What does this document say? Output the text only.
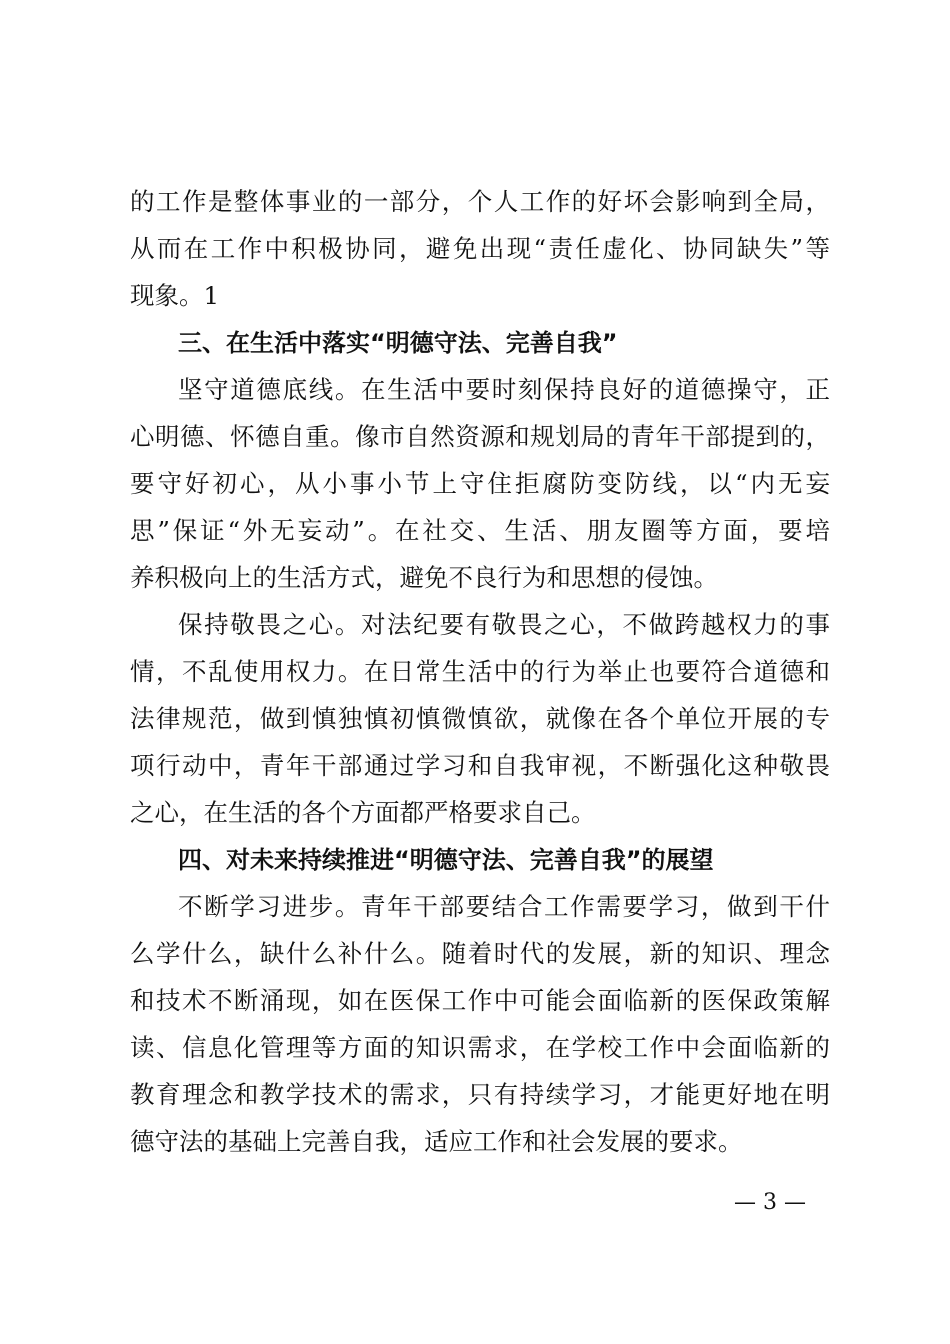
的工作是整体事业的一部分，个人工作的好坏会影响到全局，
从而在工作中积极协同，避免出现“责任虚化、协同缺失”等
现象。1
三、在生活中落实“明德守法、完善自我”
坚守道德底线。在生活中要时刻保持良好的道德操守，正
心明德、怀德自重。像市自然资源和规划局的青年干部提到的，
要守好初心，从小事小节上守住拒腐防变防线，以“内无妄
思”保证“外无妄动”。在社交、生活、朋友圈等方面，要培
养积极向上的生活方式，避免不良行为和思想的侵蚀。
保持敬畏之心。对法纪要有敬畏之心，不做跨越权力的事
情，不乱使用权力。在日常生活中的行为举止也要符合道德和
法律规范，做到慎独慎初慎微慎欲，就像在各个单位开展的专
项行动中，青年干部通过学习和自我审视，不断强化这种敬畏
之心，在生活的各个方面都严格要求自己。
四、对未来持续推进“明德守法、完善自我”的展望
不断学习进步。青年干部要结合工作需要学习，做到干什
么学什么，缺什么补什么。随着时代的发展，新的知识、理念
和技术不断涌现，如在医保工作中可能会面临新的医保政策解
读、信息化管理等方面的知识需求，在学校工作中会面临新的
教育理念和教学技术的需求，只有持续学习，才能更好地在明
德守法的基础上完善自我，适应工作和社会发展的要求。
— 3 —
